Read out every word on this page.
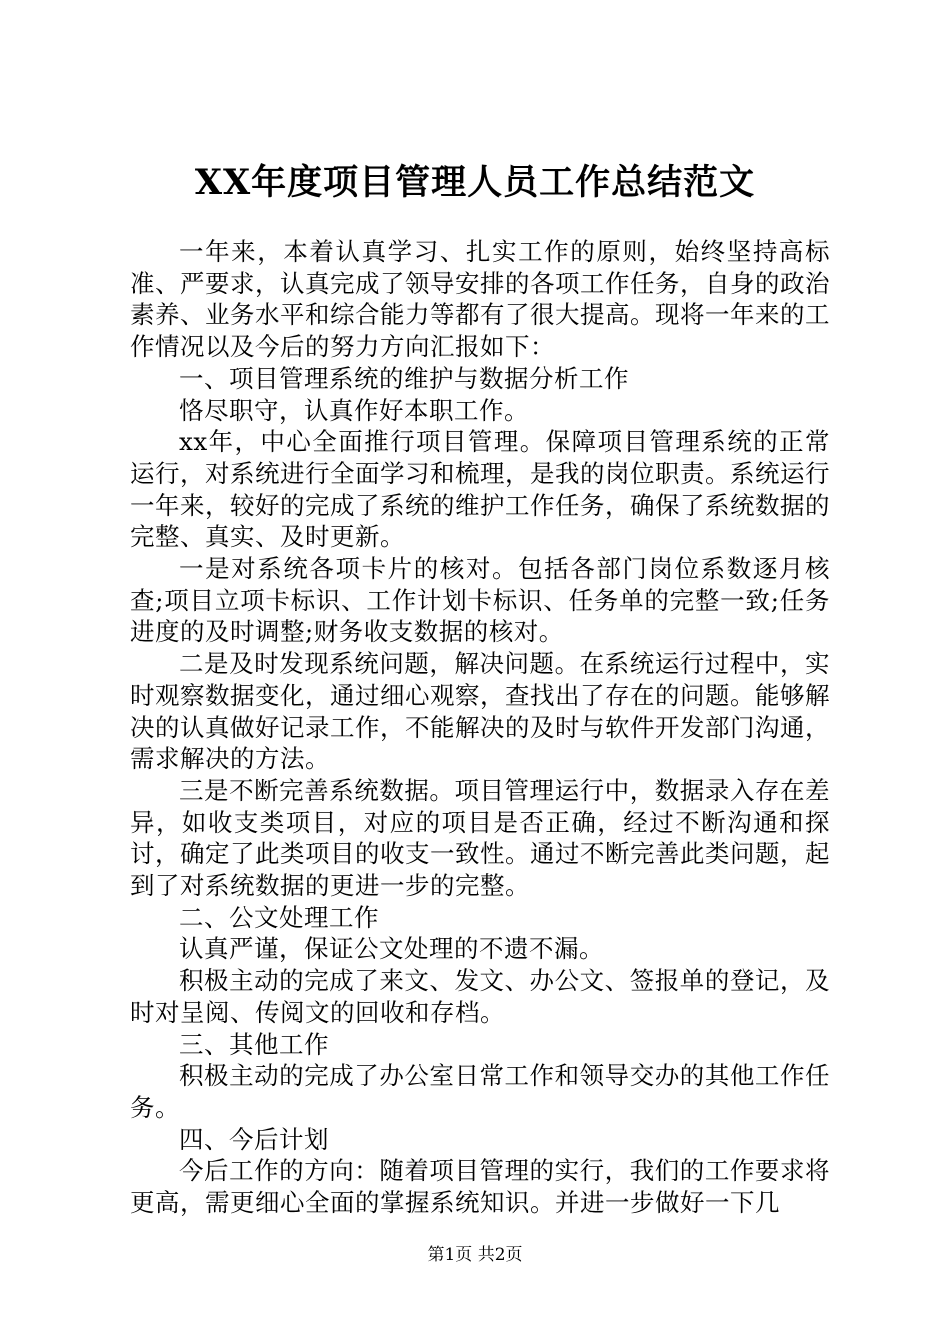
XX年度项目管理人员工作总结范文

一年来，本着认真学习、扎实工作的原则，始终坚持高标准、严要求，认真完成了领导安排的各项工作任务，自身的政治素养、业务水平和综合能力等都有了很大提高。现将一年来的工作情况以及今后的努力方向汇报如下：

一、项目管理系统的维护与数据分析工作

恪尽职守，认真作好本职工作。

xx年，中心全面推行项目管理。保障项目管理系统的正常运行，对系统进行全面学习和梳理，是我的岗位职责。系统运行一年来，较好的完成了系统的维护工作任务，确保了系统数据的完整、真实、及时更新。

一是对系统各项卡片的核对。包括各部门岗位系数逐月核查;项目立项卡标识、工作计划卡标识、任务单的完整一致;任务进度的及时调整;财务收支数据的核对。

二是及时发现系统问题，解决问题。在系统运行过程中，实时观察数据变化，通过细心观察，查找出了存在的问题。能够解决的认真做好记录工作，不能解决的及时与软件开发部门沟通，需求解决的方法。

三是不断完善系统数据。项目管理运行中，数据录入存在差异，如收支类项目，对应的项目是否正确，经过不断沟通和探讨，确定了此类项目的收支一致性。通过不断完善此类问题，起到了对系统数据的更进一步的完整。

二、公文处理工作

认真严谨，保证公文处理的不遗不漏。

积极主动的完成了来文、发文、办公文、签报单的登记，及时对呈阅、传阅文的回收和存档。

三、其他工作

积极主动的完成了办公室日常工作和领导交办的其他工作任务。

四、今后计划

今后工作的方向：随着项目管理的实行，我们的工作要求将更高，需更细心全面的掌握系统知识。并进一步做好一下几

第1页 共2页
